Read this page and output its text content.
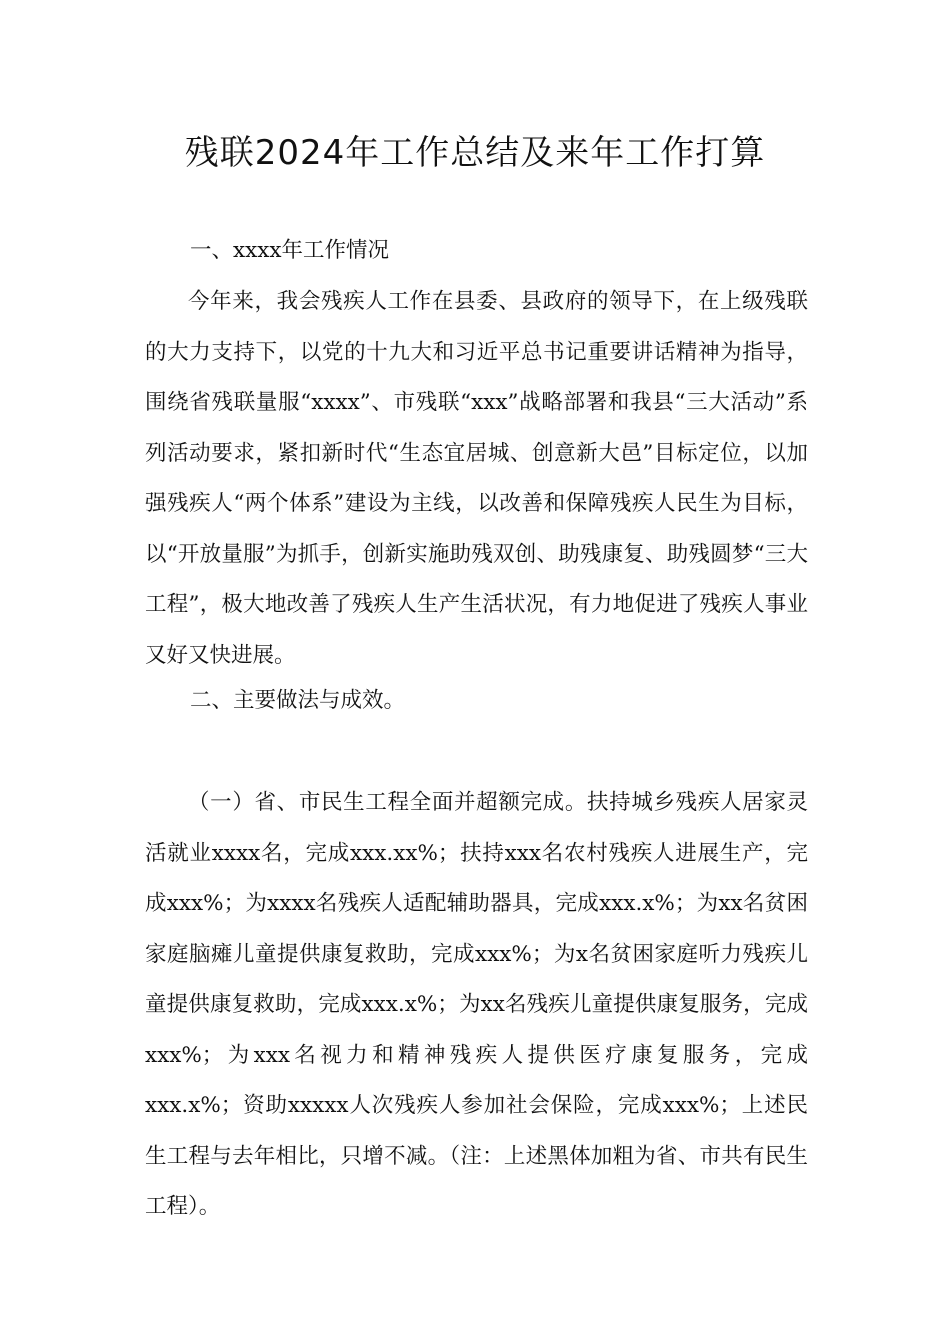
残联2024年工作总结及来年工作打算

一、xxxx年工作情况

今年来，我会残疾人工作在县委、县政府的领导下，在上级残联的大力支持下，以党的十九大和习近平总书记重要讲话精神为指导，围绕省残联量服“xxxx”、市残联“xxx”战略部署和我县“三大活动”系列活动要求，紧扣新时代“生态宜居城、创意新大邑”目标定位，以加强残疾人“两个体系”建设为主线，以改善和保障残疾人民生为目标，以“开放量服”为抓手，创新实施助残双创、助残康复、助残圆梦“三大工程”，极大地改善了残疾人生产生活状况，有力地促进了残疾人事业又好又快进展。

二、主要做法与成效。

（一）省、市民生工程全面并超额完成。扶持城乡残疾人居家灵活就业xxxx名，完成xxx.xx%；扶持xxx名农村残疾人进展生产，完成xxx%；为xxxx名残疾人适配辅助器具，完成xxx.x%；为xx名贫困家庭脑瘫儿童提供康复救助，完成xxx%；为x名贫困家庭听力残疾儿童提供康复救助，完成xxx.x%；为xx名残疾儿童提供康复服务，完成xxx%；为xxx名视力和精神残疾人提供医疗康复服务，完成xxx.x%；资助xxxxx人次残疾人参加社会保险，完成xxx%；上述民生工程与去年相比，只增不减。（注：上述黑体加粗为省、市共有民生工程）。
